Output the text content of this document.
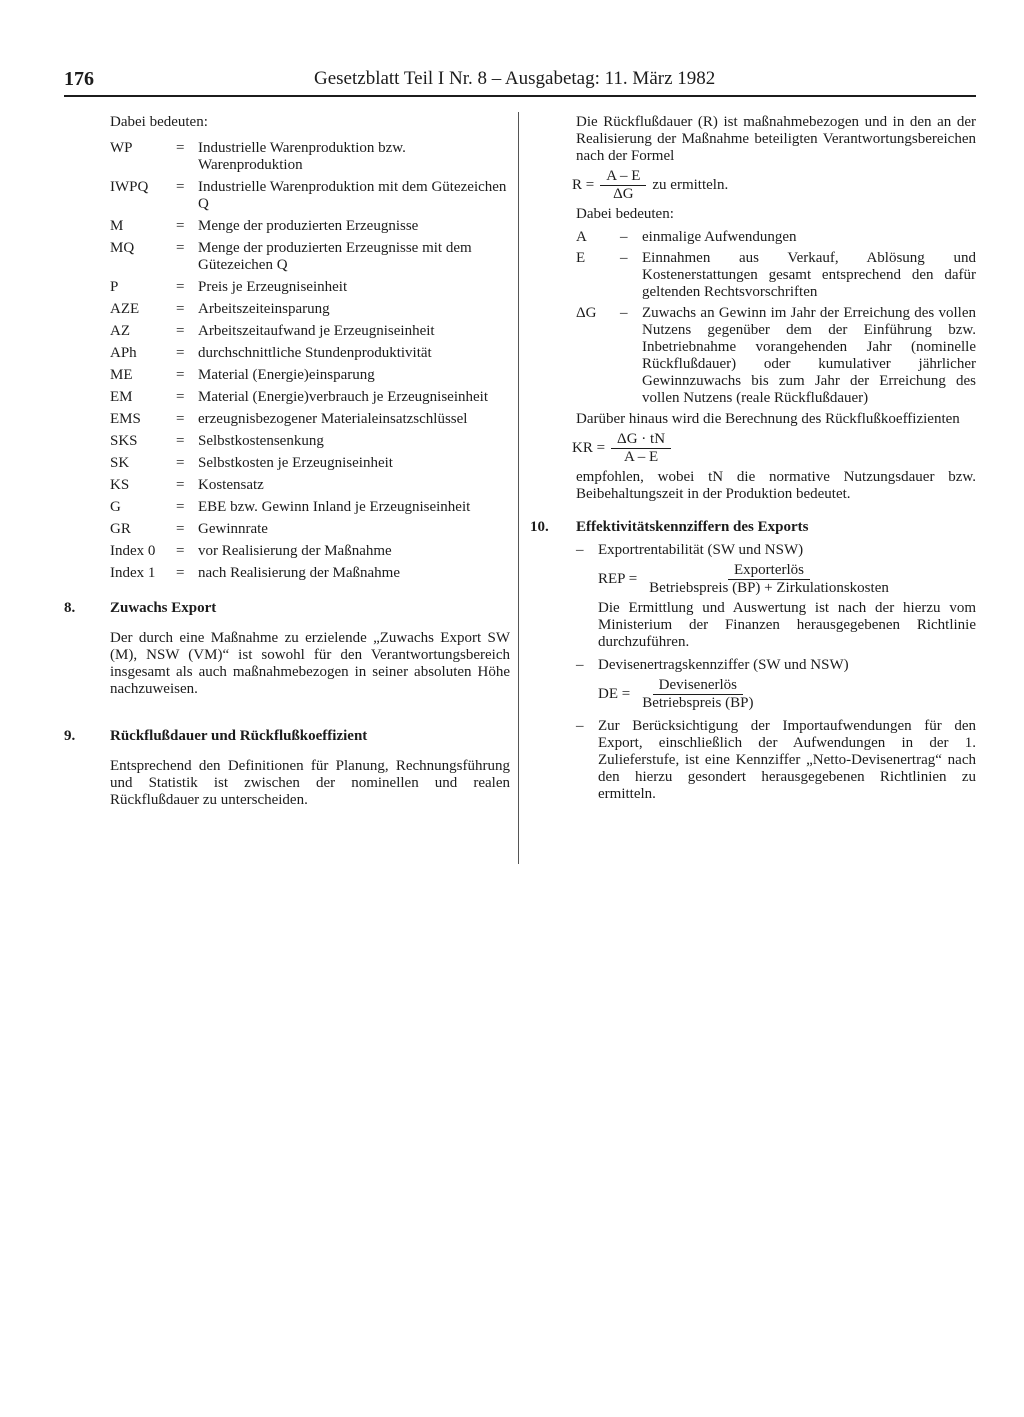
176	Gesetzblatt Teil I Nr. 8 – Ausgabetag: 11. März 1982
Dabei bedeuten:
WP	= Industrielle Warenproduktion bzw. Warenproduktion
IWPQ	= Industrielle Warenproduktion mit dem Gütezeichen Q
M	= Menge der produzierten Erzeugnisse
MQ	= Menge der produzierten Erzeugnisse mit dem Gütezeichen Q
P	= Preis je Erzeugniseinheit
AZE	= Arbeitszeiteinsparung
AZ	= Arbeitszeitaufwand je Erzeugniseinheit
APh	= durchschnittliche Stundenproduktivität
ME	= Material (Energie)einsparung
EM	= Material (Energie)verbrauch je Erzeugniseinheit
EMS	= erzeugnisbezogener Materialeinsatzschlüssel
SKS	= Selbstkostensenkung
SK	= Selbstkosten je Erzeugniseinheit
KS	= Kostensatz
G	= EBE bzw. Gewinn Inland je Erzeugniseinheit
GR	= Gewinnrate
Index 0	= vor Realisierung der Maßnahme
Index 1	= nach Realisierung der Maßnahme
8.	Zuwachs Export
Der durch eine Maßnahme zu erzielende „Zuwachs Export SW (M), NSW (VM)“ ist sowohl für den Verantwortungsbereich insgesamt als auch maßnahmebezogen in seiner absoluten Höhe nachzuweisen.
9.	Rückflußdauer und Rückflußkoeffizient
Entsprechend den Definitionen für Planung, Rechnungsführung und Statistik ist zwischen der nominellen und realen Rückflußdauer zu unterscheiden.
Die Rückflußdauer (R) ist maßnahmebezogen und in den an der Realisierung der Maßnahme beteiligten Verantwortungsbereichen nach der Formel
$R = \frac{A - E}{\Delta G}$ zu ermitteln.
Dabei bedeuten:
A	– einmalige Aufwendungen
E	– Einnahmen aus Verkauf, Ablösung und Kostenerstattungen gesamt entsprechend den dafür geltenden Rechtsvorschriften
ΔG	– Zuwachs an Gewinn im Jahr der Erreichung des vollen Nutzens gegenüber dem der Einführung bzw. Inbetriebnahme vorangehenden Jahr (nominelle Rückflußdauer) oder kumulativer jährlicher Gewinnzuwachs bis zum Jahr der Erreichung des vollen Nutzens (reale Rückflußdauer)
Darüber hinaus wird die Berechnung des Rückflußkoeffizienten
KR = $\frac{\Delta G \cdot tN}{A - E}$
empfohlen, wobei tN die normative Nutzungsdauer bzw. Beibehaltungszeit in der Produktion bedeutet.
10.	Effektivitätskennziffern des Exports
– Exportrentabilität (SW und NSW)
REP = $\frac{\text{Exporterlös}}{\text{Betriebspreis (BP) + Zirkulationskosten}}$
Die Ermittlung und Auswertung ist nach der hierzu vom Ministerium der Finanzen herausgegebenen Richtlinie durchzuführen.
– Devisenertragskennziffer (SW und NSW)
DE = $\frac{\text{Devisenerlös}}{\text{Betriebspreis (BP)}}$
– Zur Berücksichtigung der Importaufwendungen für den Export, einschließlich der Aufwendungen in der 1. Zulieferstufe, ist eine Kennziffer „Netto-Devisenertrag“ nach den hierzu gesondert herausgegebenen Richtlinien zu ermitteln.
